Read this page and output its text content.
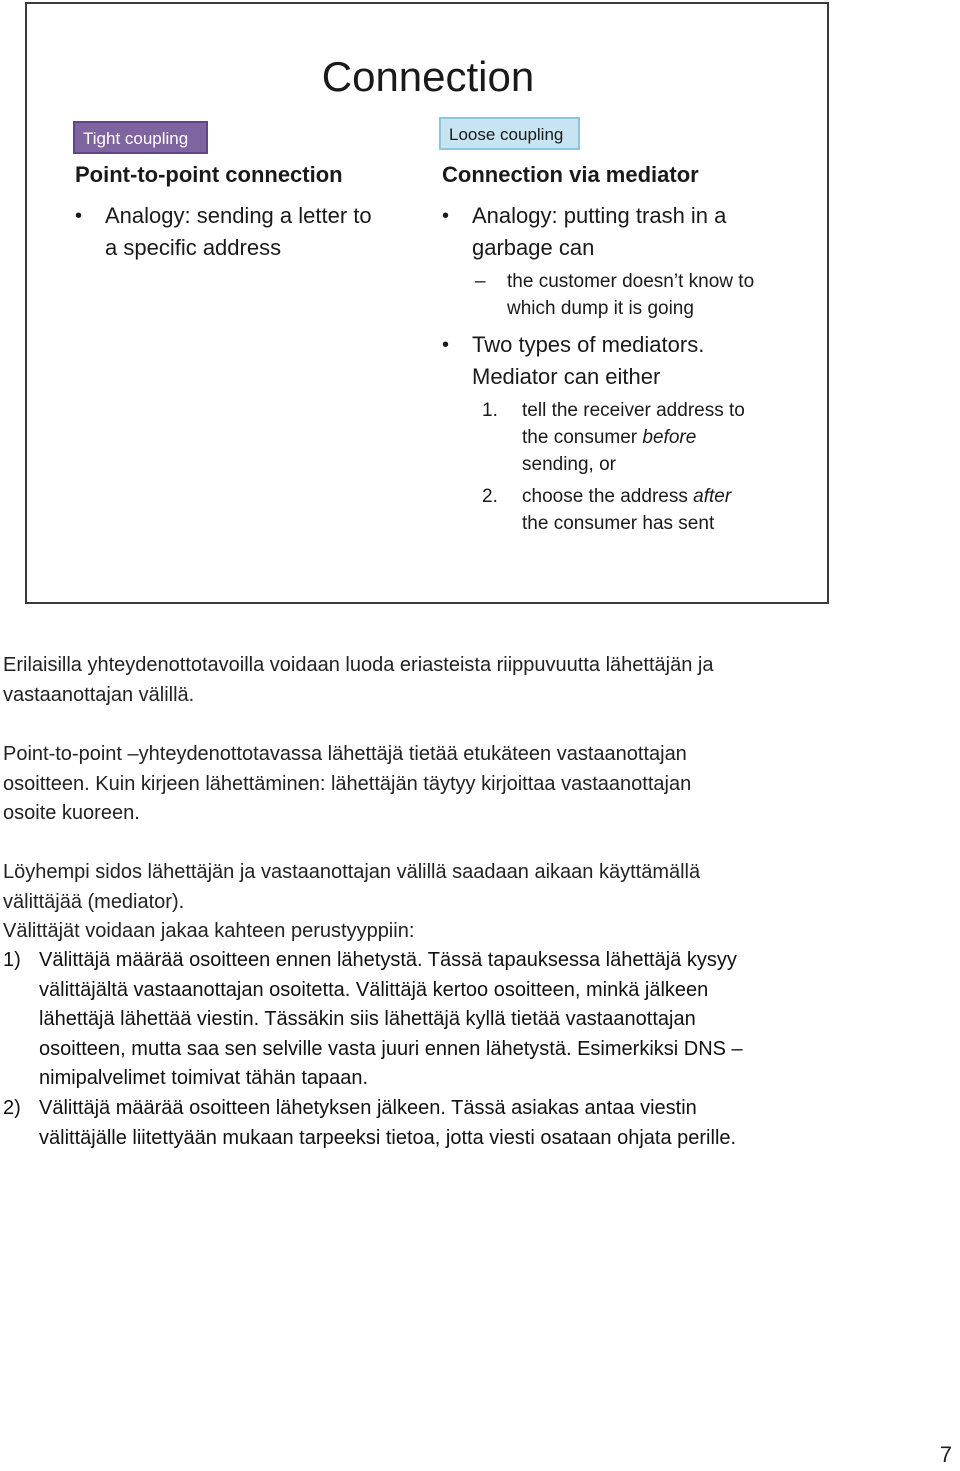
Connection
Tight coupling	Loose coupling
Point-to-point connection
• Analogy: sending a letter to
a specific address
Connection via mediator
• Analogy: putting trash in a
garbage can
– the customer doesn’t know to
which dump it is going
• Two types of mediators.
Mediator can either
1. tell the receiver address to
the consumer before
sending, or
2. choose the address after
the consumer has sent
Erilaisilla yhteydenottotavoilla voidaan luoda eriasteista riippuvuutta lähettäjän ja
vastaanottajan välillä.
Point-to-point –yhteydenottotavassa lähettäjä tietää etukäteen vastaanottajan
osoitteen. Kuin kirjeen lähettäminen: lähettäjän täytyy kirjoittaa vastaanottajan
osoite kuoreen.
Löyhempi sidos lähettäjän ja vastaanottajan välillä saadaan aikaan käyttämällä
välittäjää (mediator).
Välittäjät voidaan jakaa kahteen perustyyppiin:
1) Välittäjä määrää osoitteen ennen lähetystä. Tässä tapauksessa lähettäjä kysyy
välittäjältä vastaanottajan osoitetta. Välittäjä kertoo osoitteen, minkä jälkeen
lähettäjä lähettää viestin. Tässäkin siis lähettäjä kyllä tietää vastaanottajan
osoitteen, mutta saa sen selville vasta juuri ennen lähetystä. Esimerkiksi DNS –
nimipalvelimet toimivat tähän tapaan.
2) Välittäjä määrää osoitteen lähetyksen jälkeen. Tässä asiakas antaa viestin
välittäjälle liitettyään mukaan tarpeeksi tietoa, jotta viesti osataan ohjata perille.
7
